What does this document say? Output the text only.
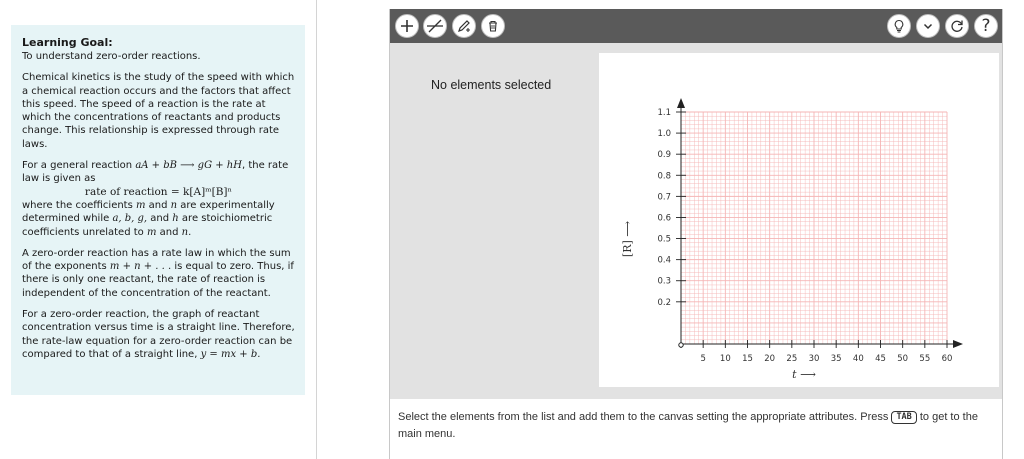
Learning Goal:

To understand zero-order reactions.

Chemical kinetics is the study of the speed with which a chemical reaction occurs and the factors that affect this speed. The speed of a reaction is the rate at which the concentrations of reactants and products change. This relationship is expressed through rate laws.

For a general reaction aA + bB ⟶ gG + hH, the rate law is given as

rate of reaction = k[A]ᵐ[B]ⁿ

where the coefficients m and n are experimentally determined while a, b, g, and h are stoichiometric coefficients unrelated to m and n.

A zero-order reaction has a rate law in which the sum of the exponents m + n + . . . is equal to zero. Thus, if there is only one reactant, the rate of reaction is independent of the concentration of the reactant.

For a zero-order reaction, the graph of reactant concentration versus time is a straight line. Therefore, the rate-law equation for a zero-order reaction can be compared to that of a straight line, y = mx + b.

?
No elements selected
5 10 15 20 25 30 35 40 45 50 55 60
0.2
0.3
0.4
0.5
0.6
0.7
0.8
0.9
1.0
1.1
[R] ⟶
t ⟶
Select the elements from the list and add them to the canvas setting the appropriate attributes. Press TAB to get to the main menu.
